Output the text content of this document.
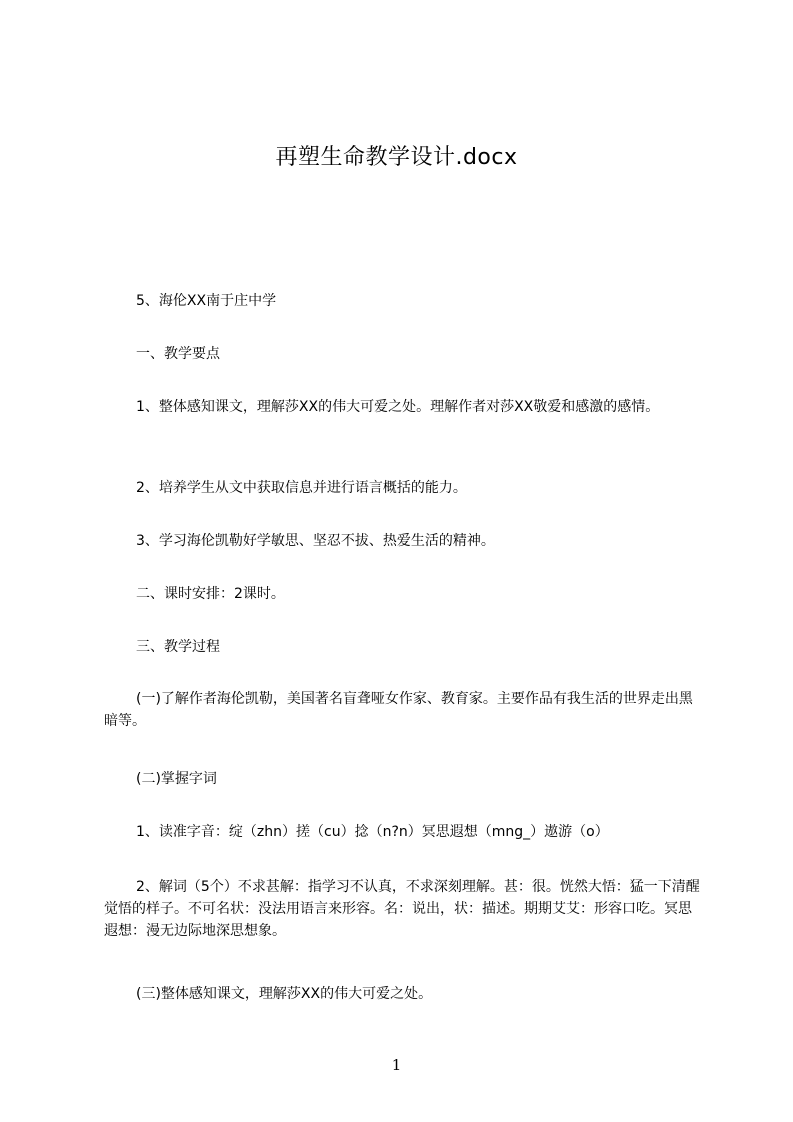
再塑生命教学设计.docx

5、海伦XX南于庄中学

一、教学要点

1、整体感知课文，理解莎XX的伟大可爱之处。理解作者对莎XX敬爱和感激的感情。

2、培养学生从文中获取信息并进行语言概括的能力。

3、学习海伦凯勒好学敏思、坚忍不拔、热爱生活的精神。

二、课时安排：2课时。

三、教学过程

(一)了解作者海伦凯勒，美国著名盲聋哑女作家、教育家。主要作品有我生活的世界走出黑暗等。

(二)掌握字词

1、读准字音：绽（zhn）搓（cu）捻（n?n）冥思遐想（mng_）遨游（o）

2、解词（5个）不求甚解：指学习不认真，不求深刻理解。甚：很。恍然大悟：猛一下清醒觉悟的样子。不可名状：没法用语言来形容。名：说出，状：描述。期期艾艾：形容口吃。冥思遐想：漫无边际地深思想象。

(三)整体感知课文，理解莎XX的伟大可爱之处。

1
